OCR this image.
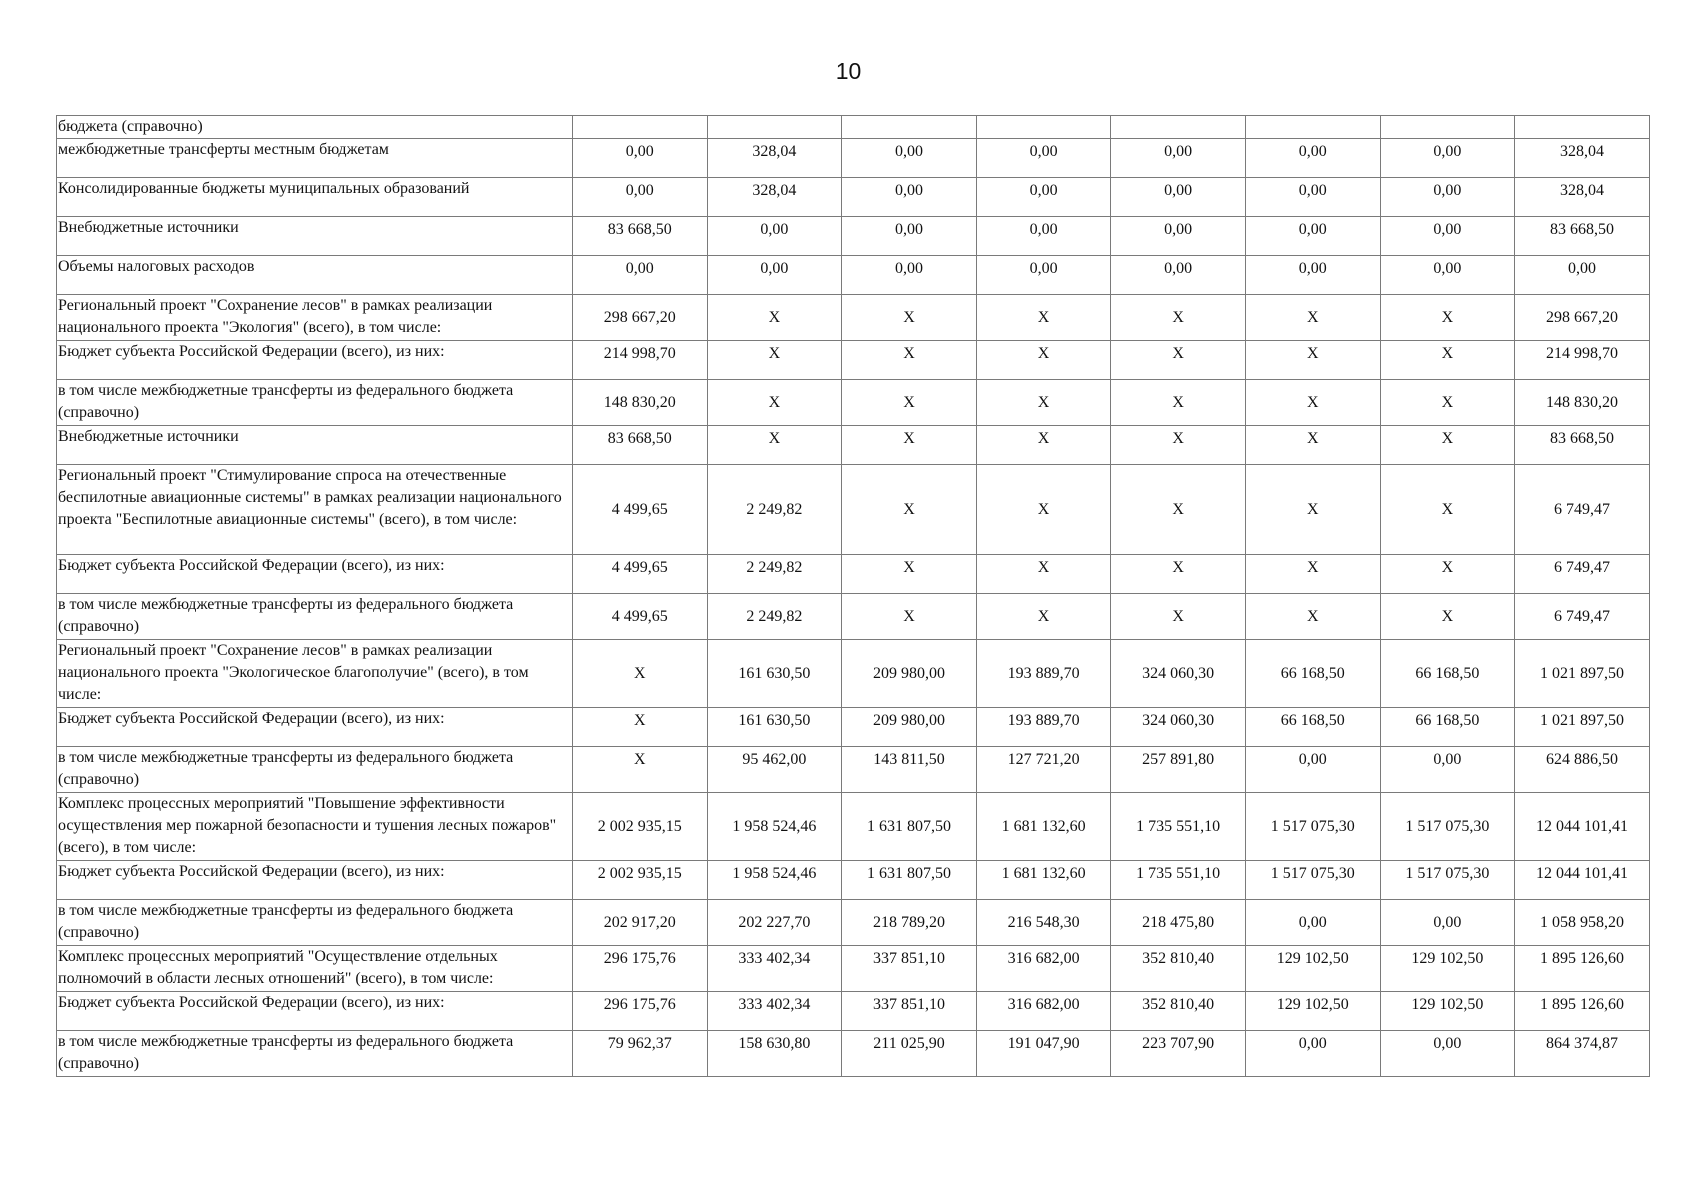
10
бюджета (справочно)								
межбюджетные трансферты местным бюджетам	0,00	328,04	0,00	0,00	0,00	0,00	0,00	328,04
Консолидированные бюджеты муниципальных образований	0,00	328,04	0,00	0,00	0,00	0,00	0,00	328,04
Внебюджетные источники	83 668,50	0,00	0,00	0,00	0,00	0,00	0,00	83 668,50
Объемы налоговых расходов	0,00	0,00	0,00	0,00	0,00	0,00	0,00	0,00
Региональный проект "Сохранение лесов" в рамках реализации национального проекта "Экология" (всего), в том числе:	298 667,20	X	X	X	X	X	X	298 667,20
Бюджет субъекта Российской Федерации (всего), из них:	214 998,70	X	X	X	X	X	X	214 998,70
в том числе межбюджетные трансферты из федерального бюджета (справочно)	148 830,20	X	X	X	X	X	X	148 830,20
Внебюджетные источники	83 668,50	X	X	X	X	X	X	83 668,50
Региональный проект "Стимулирование спроса на отечественные беспилотные авиационные системы" в рамках реализации национального проекта "Беспилотные авиационные системы" (всего), в том числе:	4 499,65	2 249,82	X	X	X	X	X	6 749,47
Бюджет субъекта Российской Федерации (всего), из них:	4 499,65	2 249,82	X	X	X	X	X	6 749,47
в том числе межбюджетные трансферты из федерального бюджета (справочно)	4 499,65	2 249,82	X	X	X	X	X	6 749,47
Региональный проект "Сохранение лесов" в рамках реализации национального проекта "Экологическое благополучие" (всего), в том числе:	X	161 630,50	209 980,00	193 889,70	324 060,30	66 168,50	66 168,50	1 021 897,50
Бюджет субъекта Российской Федерации (всего), из них:	X	161 630,50	209 980,00	193 889,70	324 060,30	66 168,50	66 168,50	1 021 897,50
в том числе межбюджетные трансферты из федерального бюджета (справочно)	X	95 462,00	143 811,50	127 721,20	257 891,80	0,00	0,00	624 886,50
Комплекс процессных мероприятий "Повышение эффективности осуществления мер пожарной безопасности и тушения лесных пожаров" (всего), в том числе:	2 002 935,15	1 958 524,46	1 631 807,50	1 681 132,60	1 735 551,10	1 517 075,30	1 517 075,30	12 044 101,41
Бюджет субъекта Российской Федерации (всего), из них:	2 002 935,15	1 958 524,46	1 631 807,50	1 681 132,60	1 735 551,10	1 517 075,30	1 517 075,30	12 044 101,41
в том числе межбюджетные трансферты из федерального бюджета (справочно)	202 917,20	202 227,70	218 789,20	216 548,30	218 475,80	0,00	0,00	1 058 958,20
Комплекс процессных мероприятий "Осуществление отдельных полномочий в области лесных отношений" (всего), в том числе:	296 175,76	333 402,34	337 851,10	316 682,00	352 810,40	129 102,50	129 102,50	1 895 126,60
Бюджет субъекта Российской Федерации (всего), из них:	296 175,76	333 402,34	337 851,10	316 682,00	352 810,40	129 102,50	129 102,50	1 895 126,60
в том числе межбюджетные трансферты из федерального бюджета (справочно)	79 962,37	158 630,80	211 025,90	191 047,90	223 707,90	0,00	0,00	864 374,87
